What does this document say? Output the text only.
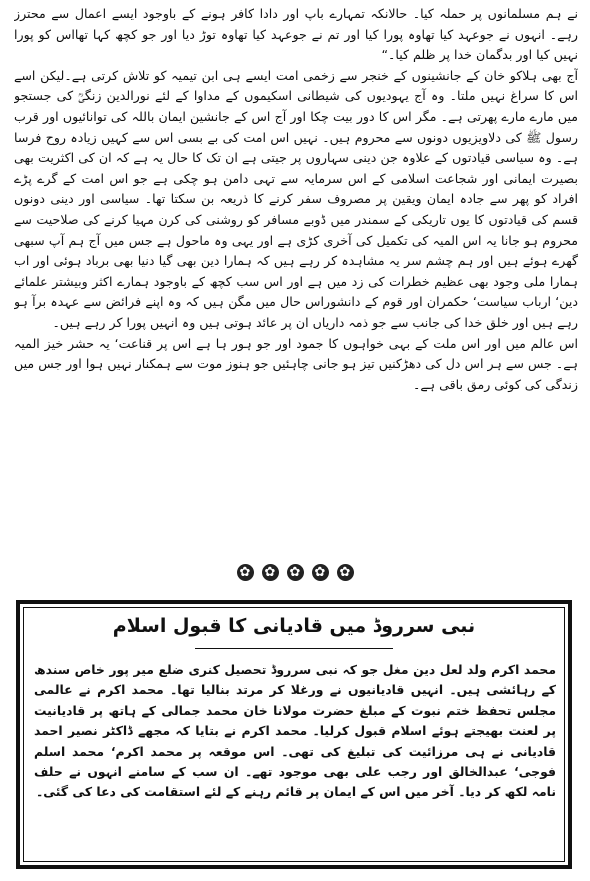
نے ہم مسلمانوں پر حملہ کیا۔ حالانکہ تمہارے باپ اور دادا کافر ہونے کے باوجود ایسے اعمال سے محترز رہے۔ انہوں نے جوعہد کیا تھاوہ پورا کیا اور تم نے جوعہد کیا تھاوہ توڑ دیا اور جو کچھ کہا تھااس کو پورا نہیں کیا اور بدگمان خدا پر ظلم کیا۔“

آج بھی ہلاکو خان کے جانشینوں کے خنجر سے زخمی امت ایسے ہی ابن تیمیہ کو تلاش کرتی ہے۔لیکن اسے اس کا سراغ نہیں ملتا۔ وہ آج یہودیوں کی شیطانی اسکیموں کے مداوا کے لئے نورالدین زنگیؒ کی جستجو میں مارے مارے پھرتی ہے۔ مگر اس کا دور بیت چکا اور آج اس کے جانشین ایمان باللہ کی توانائیوں اور قرب رسول ﷺ کی دلاویزیوں دونوں سے محروم ہیں۔ نہیں اس امت کی بے بسی اس سے کہیں زیادہ روح فرسا ہے۔ وہ سیاسی قیادتوں کے علاوہ جن دینی سہاروں پر جیتی ہے ان تک کا حال یہ ہے کہ ان کی اکثریت بھی بصیرت ایمانی اور شجاعت اسلامی کے اس سرمایہ سے تہی دامن ہو چکی ہے جو اس امت کے گرے پڑے افراد کو پھر سے جادہ ایمان ویقین پر مصروف سفر کرنے کا ذریعہ بن سکتا تھا۔ سیاسی اور دینی دونوں قسم کی قیادتوں کا یوں تاریکی کے سمندر میں ڈوبے مسافر کو روشنی کی کرن مہیا کرنے کی صلاحیت سے محروم ہو جانا یہ اس المیہ کی تکمیل کی آخری کڑی ہے اور یہی وہ ماحول ہے جس میں آج ہم آپ سبھی گھرے ہوئے ہیں اور ہم چشم سر یہ مشاہدہ کر رہے ہیں کہ ہمارا دین بھی گیا دنیا بھی برباد ہوئی اور اب ہمارا ملی وجود بھی عظیم خطرات کی زد میں ہے اور اس سب کچھ کے باوجود ہمارے اکثر وبیشتر علمائے دین‘ ارباب سیاست‘ حکمران اور قوم کے دانشوراس حال میں مگن ہیں کہ وہ اپنے فرائض سے عہدہ برآ ہو رہے ہیں اور خلق خدا کی جانب سے جو ذمہ داریاں ان پر عائد ہوتی ہیں وہ انہیں پورا کر رہے ہیں۔

اس عالم میں اور اس ملت کے بہی خواہوں کا جمود اور جو ہور ہا ہے اس پر قناعت‘ یہ حشر خیز المیہ ہے۔ جس سے ہر اس دل کی دھڑکنیں تیز ہو جانی چاہئیں جو ہنوز موت سے ہمکنار نہیں ہوا اور جس میں زندگی کی کوئی رمق باقی ہے۔

✿ ✿ ✿ ✿ ✿
نبی سرروڈ میں قادیانی کا قبول اسلام

محمد اکرم ولد لعل دین مغل جو کہ نبی سرروڈ تحصیل کنری ضلع میر پور خاص سندھ کے رہائشی ہیں۔ انہیں قادیانیوں نے ورغلا کر مرتد بنالیا تھا۔ محمد اکرم نے عالمی مجلس تحفظ ختم نبوت کے مبلغ حضرت مولانا خان محمد جمالی کے ہاتھ پر قادیانیت پر لعنت بھیجتے ہوئے اسلام قبول کرلیا۔ محمد اکرم نے بتایا کہ مجھے ڈاکٹر نصیر احمد قادیانی نے ہی مرزائیت کی تبلیغ کی تھی۔ اس موقعہ پر محمد اکرم‘ محمد اسلم فوجی‘ عبدالخالق اور رجب علی بھی موجود تھے۔ ان سب کے سامنے انہوں نے حلف نامہ لکھ کر دیا۔ آخر میں اس کے ایمان پر قائم رہنے کے لئے استقامت کی دعا کی گئی۔
